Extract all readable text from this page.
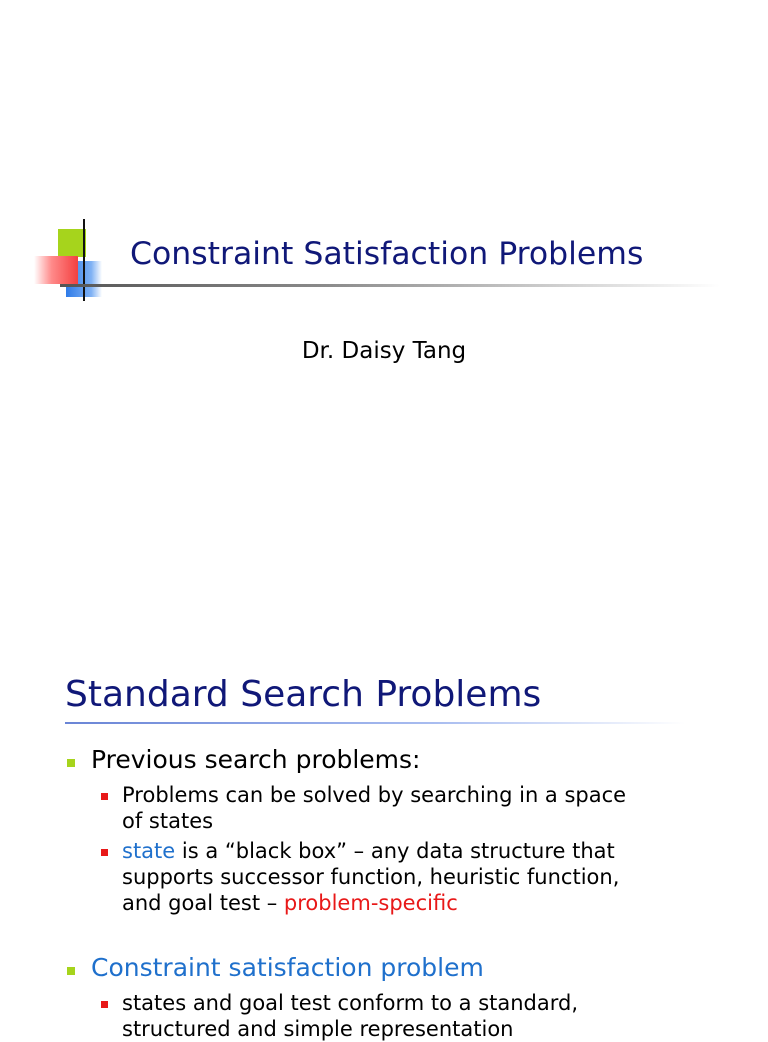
Constraint Satisfaction Problems
Dr. Daisy Tang
Standard Search Problems
Previous search problems:
Problems can be solved by searching in a space
of states
state is a “black box” – any data structure that
supports successor function, heuristic function,
and goal test – problem-specific
Constraint satisfaction problem
states and goal test conform to a standard,
structured and simple representation
